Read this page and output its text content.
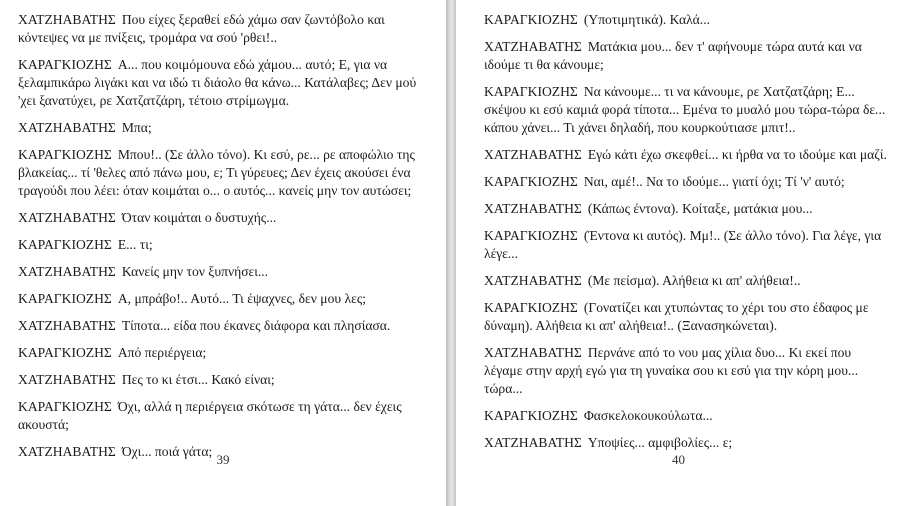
ΧΑΤΖΗΑΒΑΤΗΣ Που είχες ξεραθεί εδώ χάμω σαν ζωντόβολο και κόντεψες να με πνίξεις, τρομάρα να σού 'ρθει!..

ΚΑΡΑΓΚΙΟΖΗΣ Α... που κοιμόμουνα εδώ χάμου... αυτό; Ε, για να ξελαμπικάρω λιγάκι και να ιδώ τι διάολο θα κάνω... Κατάλαβες; Δεν μού 'χει ξανατύχει, ρε Χατζατζάρη, τέτοιο στρίμωγμα.

ΧΑΤΖΗΑΒΑΤΗΣ Μπα;

ΚΑΡΑΓΚΙΟΖΗΣ Μπου!.. (Σε άλλο τόνο). Κι εσύ, ρε... ρε αποφώλιο της βλακείας... τί 'θελες από πάνω μου, ε; Τι γύρευες; Δεν έχεις ακούσει ένα τραγούδι που λέει: όταν κοιμάται ο... ο αυτός... κανείς μην τον αυτώσει;

ΧΑΤΖΗΑΒΑΤΗΣ Όταν κοιμάται ο δυστυχής...

ΚΑΡΑΓΚΙΟΖΗΣ Ε... τι;

ΧΑΤΖΗΑΒΑΤΗΣ Κανείς μην τον ξυπνήσει...

ΚΑΡΑΓΚΙΟΖΗΣ Α, μπράβο!.. Αυτό... Τι έψαχνες, δεν μου λες;

ΧΑΤΖΗΑΒΑΤΗΣ Τίποτα... είδα που έκανες διάφορα και πλησίασα.

ΚΑΡΑΓΚΙΟΖΗΣ Από περιέργεια;

ΧΑΤΖΗΑΒΑΤΗΣ Πες το κι έτσι... Κακό είναι;

ΚΑΡΑΓΚΙΟΖΗΣ Όχι, αλλά η περιέργεια σκότωσε τη γάτα... δεν έχεις ακουστά;

ΧΑΤΖΗΑΒΑΤΗΣ Όχι... ποιά γάτα;

39

ΚΑΡΑΓΚΙΟΖΗΣ (Υποτιμητικά). Καλά...

ΧΑΤΖΗΑΒΑΤΗΣ Ματάκια μου... δεν τ' αφήνουμε τώρα αυτά και να ιδούμε τι θα κάνουμε;

ΚΑΡΑΓΚΙΟΖΗΣ Να κάνουμε... τι να κάνουμε, ρε Χατζατζάρη; Ε... σκέψου κι εσύ καμιά φορά τίποτα... Εμένα το μυαλό μου τώρα-τώρα δε... κάπου χάνει... Τι χάνει δηλαδή, που κουρκούτιασε μπιτ!..

ΧΑΤΖΗΑΒΑΤΗΣ Εγώ κάτι έχω σκεφθεί... κι ήρθα να το ιδούμε και μαζί.

ΚΑΡΑΓΚΙΟΖΗΣ Ναι, αμέ!.. Να το ιδούμε... γιατί όχι; Τί 'ν' αυτό;

ΧΑΤΖΗΑΒΑΤΗΣ (Κάπως έντονα). Κοίταξε, ματάκια μου...

ΚΑΡΑΓΚΙΟΖΗΣ (Έντονα κι αυτός). Μμ!.. (Σε άλλο τόνο). Για λέγε, για λέγε...

ΧΑΤΖΗΑΒΑΤΗΣ (Με πείσμα). Αλήθεια κι απ' αλήθεια!..

ΚΑΡΑΓΚΙΟΖΗΣ (Γονατίζει και χτυπώντας το χέρι του στο έδαφος με δύναμη). Αλήθεια κι απ' αλήθεια!.. (Ξανασηκώνεται).

ΧΑΤΖΗΑΒΑΤΗΣ Περνάνε από το νου μας χίλια δυο... Κι εκεί που λέγαμε στην αρχή εγώ για τη γυναίκα σου κι εσύ για την κόρη μου... τώρα...

ΚΑΡΑΓΚΙΟΖΗΣ Φασκελοκουκούλωτα...

ΧΑΤΖΗΑΒΑΤΗΣ Υποψίες... αμφιβολίες... ε;

40
